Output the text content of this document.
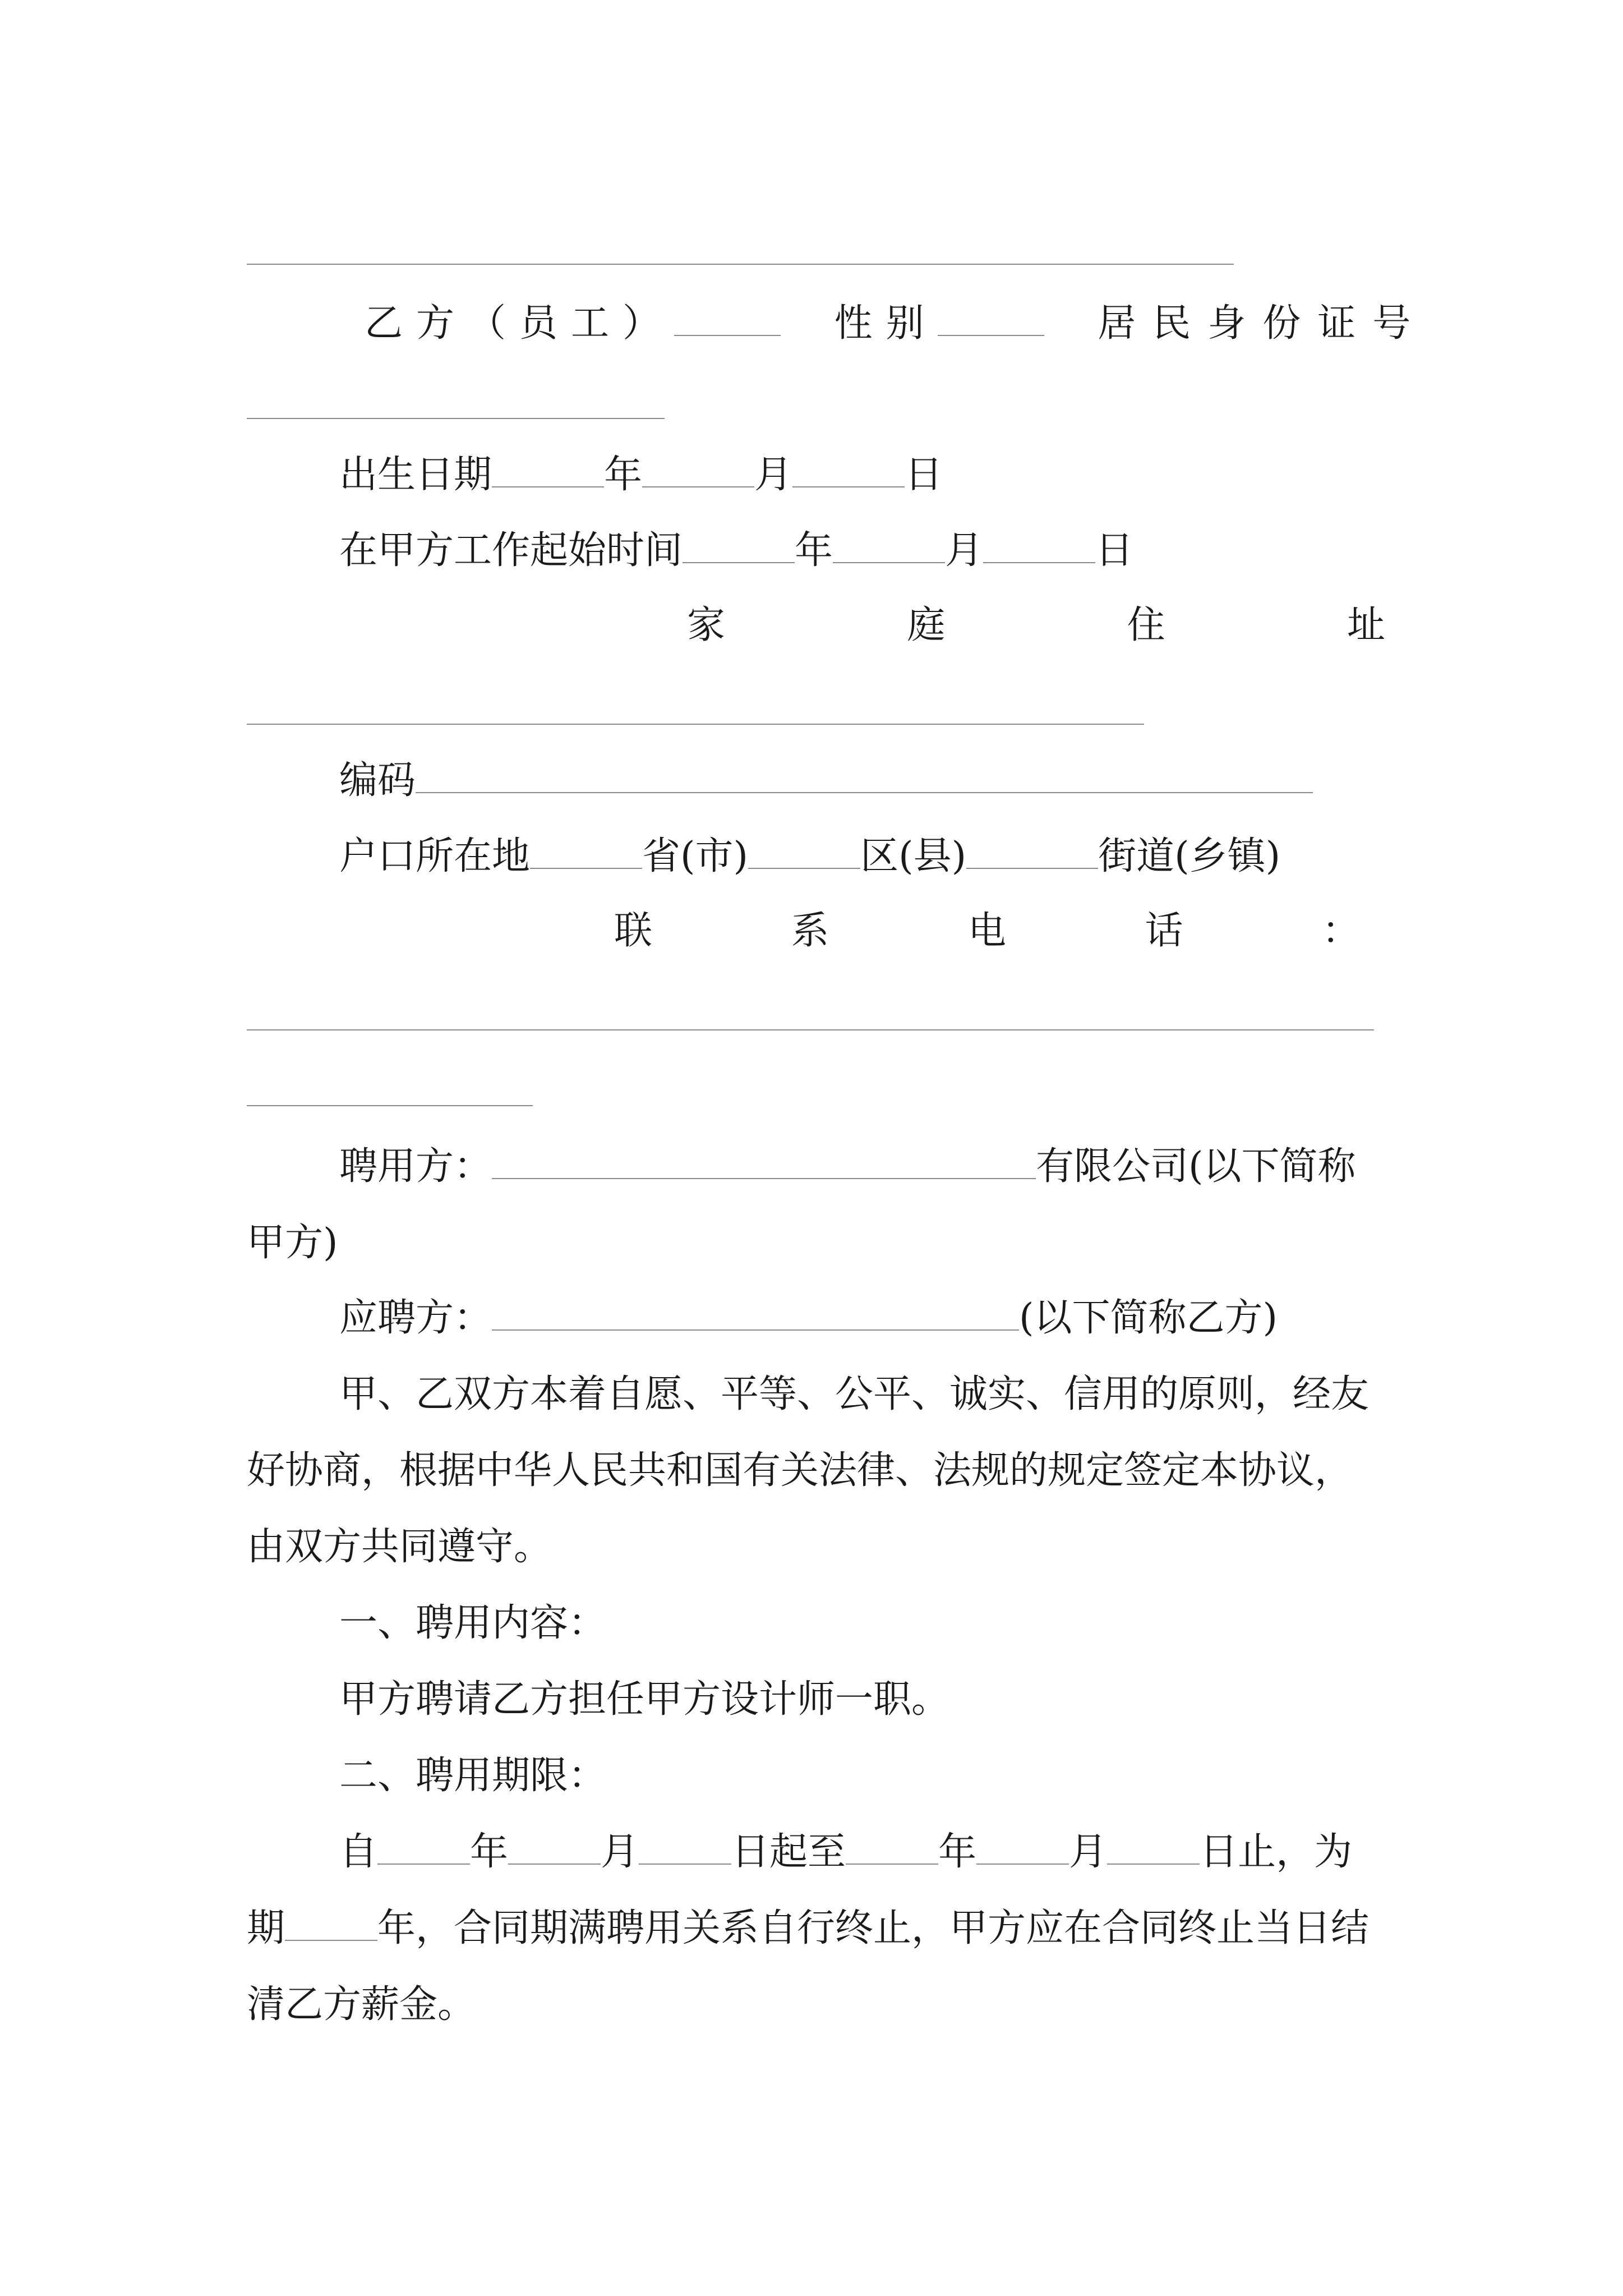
乙方（员工）	性别	居民身份证号
出生日期	年	月	日
在甲方工作起始时间	年	月	日
家	庭	住	址
编码
户口所在地	省(市)	区(县)	街道(乡镇)
联	系	电	话	：
聘用方：	有限公司(以下简称甲方)
应聘方：	(以下简称乙方)
甲、乙双方本着自愿、平等、公平、诚实、信用的原则，经友好协商，根据中华人民共和国有关法律、法规的规定签定本协议，由双方共同遵守。
一、聘用内容：
甲方聘请乙方担任甲方设计师一职。
二、聘用期限：
自 年 月 日起至 年 月 日止，为期 年，合同期满聘用关系自行终止，甲方应在合同终止当日结清乙方薪金。
